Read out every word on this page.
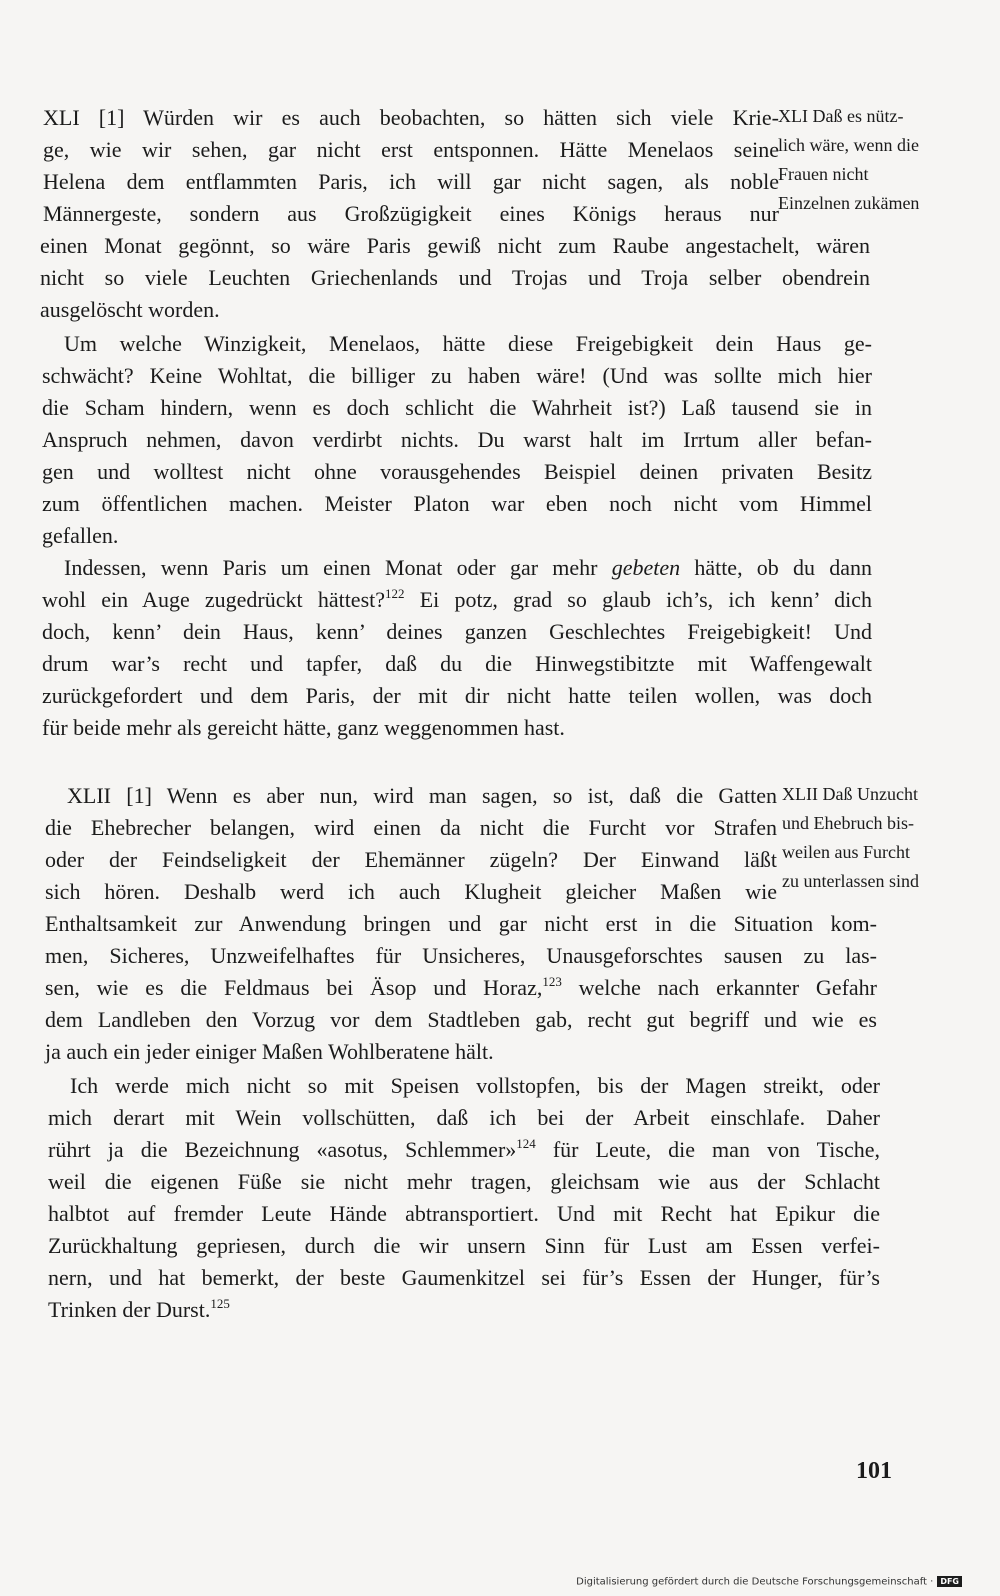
XLI [1] Würden wir es auch beobachten, so hätten sich viele Krie-
ge, wie wir sehen, gar nicht erst entsponnen. Hätte Menelaos seine
Helena dem entflammten Paris, ich will gar nicht sagen, als noble
Männergeste, sondern aus Großzügigkeit eines Königs heraus nur
einen Monat gegönnt, so wäre Paris gewiß nicht zum Raube angestachelt, wären
nicht so viele Leuchten Griechenlands und Trojas und Troja selber obendrein
ausgelöscht worden.
XLI Daß es nütz-
lich wäre, wenn die
Frauen nicht
Einzelnen zukämen
Um welche Winzigkeit, Menelaos, hätte diese Freigebigkeit dein Haus ge-
schwächt? Keine Wohltat, die billiger zu haben wäre! (Und was sollte mich hier
die Scham hindern, wenn es doch schlicht die Wahrheit ist?) Laß tausend sie in
Anspruch nehmen, davon verdirbt nichts. Du warst halt im Irrtum aller befan-
gen und wolltest nicht ohne vorausgehendes Beispiel deinen privaten Besitz
zum öffentlichen machen. Meister Platon war eben noch nicht vom Himmel
gefallen.
Indessen, wenn Paris um einen Monat oder gar mehr gebeten hätte, ob du dann
wohl ein Auge zugedrückt hättest?$^{122}$ Ei potz, grad so glaub ich’s, ich kenn’ dich
doch, kenn’ dein Haus, kenn’ deines ganzen Geschlechtes Freigebigkeit! Und
drum war’s recht und tapfer, daß du die Hinwegstibitzte mit Waffengewalt
zurückgefordert und dem Paris, der mit dir nicht hatte teilen wollen, was doch
für beide mehr als gereicht hätte, ganz weggenommen hast.
XLII [1] Wenn es aber nun, wird man sagen, so ist, daß die Gatten
die Ehebrecher belangen, wird einen da nicht die Furcht vor Strafen
oder der Feindseligkeit der Ehemänner zügeln? Der Einwand läßt
sich hören. Deshalb werd ich auch Klugheit gleicher Maßen wie
Enthaltsamkeit zur Anwendung bringen und gar nicht erst in die Situation kom-
men, Sicheres, Unzweifelhaftes für Unsicheres, Unausgeforschtes sausen zu las-
sen, wie es die Feldmaus bei Äsop und Horaz,$^{123}$ welche nach erkannter Gefahr
dem Landleben den Vorzug vor dem Stadtleben gab, recht gut begriff und wie es
ja auch ein jeder einiger Maßen Wohlberatene hält.
XLII Daß Unzucht
und Ehebruch bis-
weilen aus Furcht
zu unterlassen sind
Ich werde mich nicht so mit Speisen vollstopfen, bis der Magen streikt, oder
mich derart mit Wein vollschütten, daß ich bei der Arbeit einschlafe. Daher
rührt ja die Bezeichnung «asotus, Schlemmer»$^{124}$ für Leute, die man von Tische,
weil die eigenen Füße sie nicht mehr tragen, gleichsam wie aus der Schlacht
halbtot auf fremder Leute Hände abtransportiert. Und mit Recht hat Epikur die
Zurückhaltung gepriesen, durch die wir unsern Sinn für Lust am Essen verfei-
nern, und hat bemerkt, der beste Gaumenkitzel sei für’s Essen der Hunger, für’s
Trinken der Durst.$^{125}$
101
Digitalisierung gefördert durch die Deutsche Forschungsgemeinschaft · DFG
